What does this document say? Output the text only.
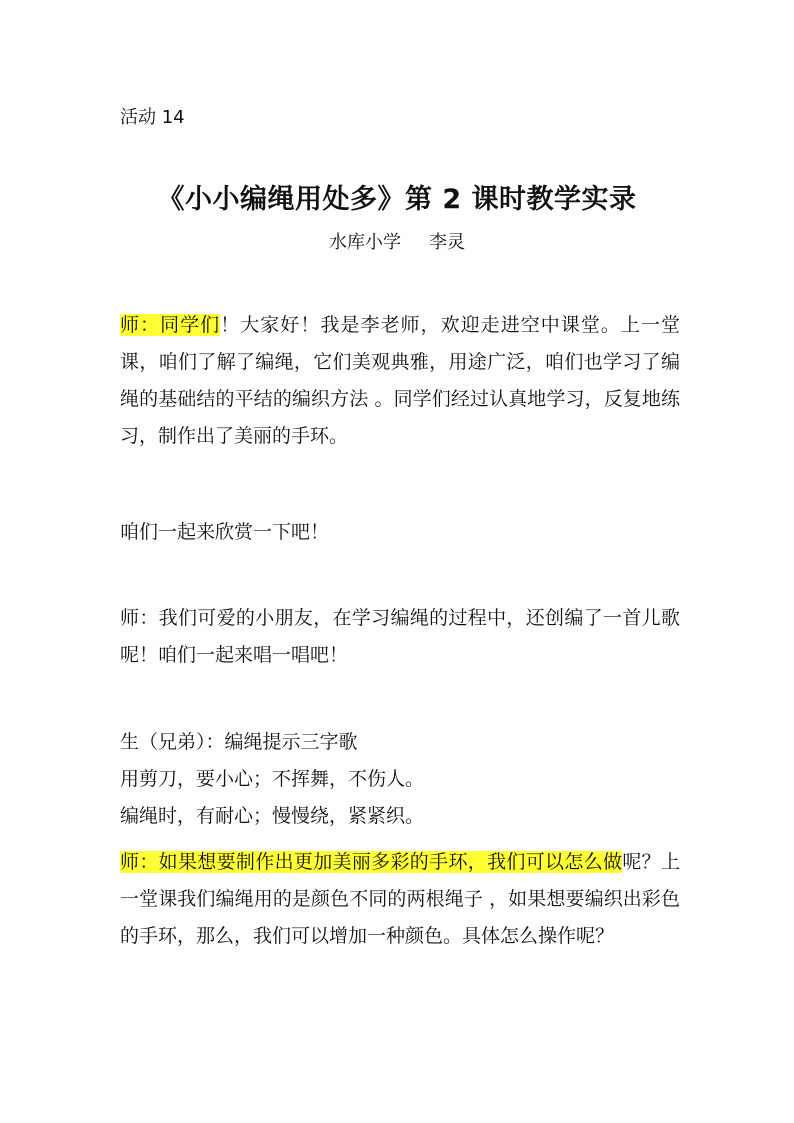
活动 14
《小小编绳用处多》第 2 课时教学实录
水库小学 李灵
师：同学们！大家好！我是李老师，欢迎走进空中课堂。上一堂课，咱们了解了编绳，它们美观典雅，用途广泛，咱们也学习了编绳的基础结的平结的编织方法 。同学们经过认真地学习，反复地练习，制作出了美丽的手环。
咱们一起来欣赏一下吧！
师：我们可爱的小朋友，在学习编绳的过程中，还创编了一首儿歌呢！咱们一起来唱一唱吧！
生（兄弟）：编绳提示三字歌
用剪刀，要小心；不挥舞，不伤人。
编绳时，有耐心；慢慢绕，紧紧织。
师：如果想要制作出更加美丽多彩的手环，我们可以怎么做呢？上一堂课我们编绳用的是颜色不同的两根绳子 ，如果想要编织出彩色的手环，那么，我们可以增加一种颜色。具体怎么操作呢？
